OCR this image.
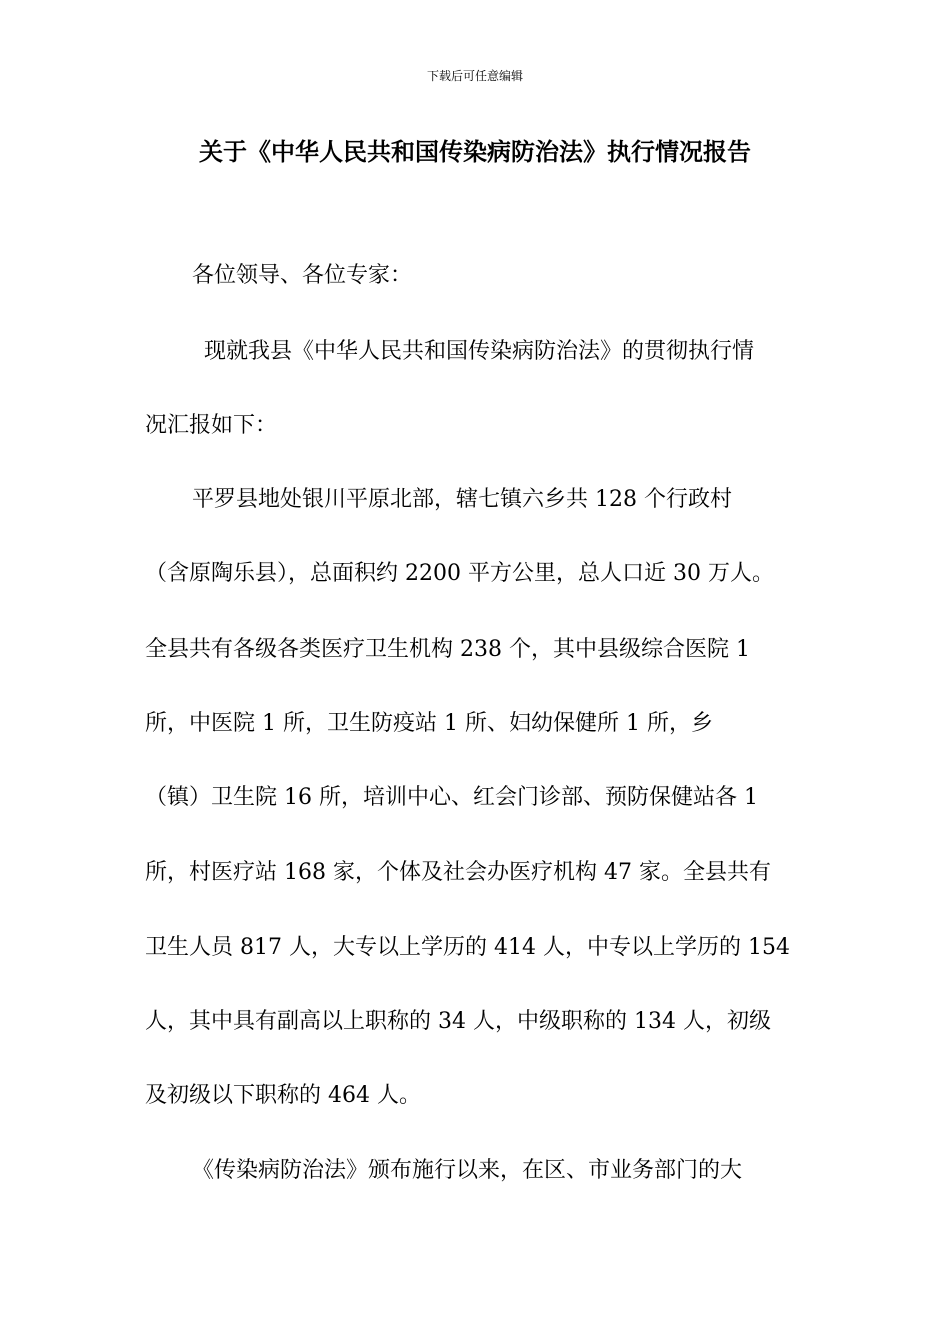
下载后可任意编辑

关于《中华人民共和国传染病防治法》执行情况报告

各位领导、各位专家：

现就我县《中华人民共和国传染病防治法》的贯彻执行情

况汇报如下：

平罗县地处银川平原北部，辖七镇六乡共 128 个行政村

（含原陶乐县），总面积约 2200 平方公里，总人口近 30 万人。

全县共有各级各类医疗卫生机构 238 个，其中县级综合医院 1

所，中医院 1 所，卫生防疫站 1 所、妇幼保健所 1 所，乡

（镇）卫生院 16 所，培训中心、红会门诊部、预防保健站各 1

所，村医疗站 168 家，个体及社会办医疗机构 47 家。全县共有

卫生人员 817 人，大专以上学历的 414 人，中专以上学历的 154

人，其中具有副高以上职称的 34 人，中级职称的 134 人，初级

及初级以下职称的 464 人。

《传染病防治法》颁布施行以来，在区、市业务部门的大
